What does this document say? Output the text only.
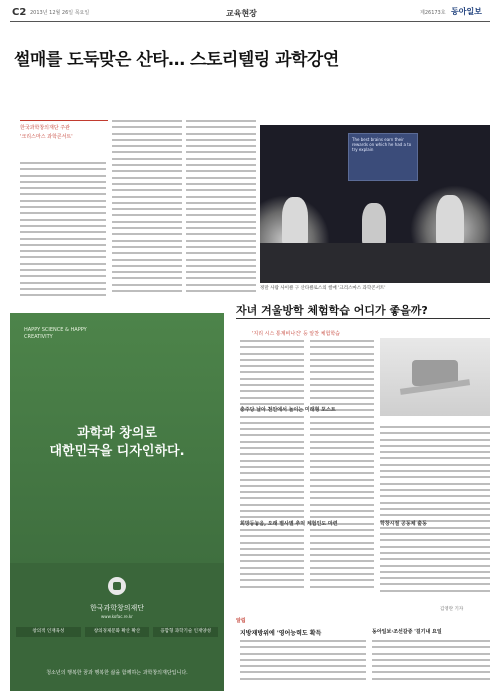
C2 2013년 12월 26일 목요일	교육현장	제26173호 동아일보
썰매를 도둑맞은 산타… 스토리텔링 과학강연
한국과학창의재단 주관
'크리스마스 과학콘서트'	The best brains earn their rewards on which he had a to try explain
정말 사람 사이클 구 산타클로스의 썰매 '크리스마스 과학콘서트'
HAPPY SCIENCE & HAPPY CREATIVITY
과학과 창의로
대한민국을 디자인하다.
한국과학창의재단
www.kofac.re.kr
창의적 인재육성	창의경제문화 확산 확산	융합형 과학기술 인재양성
청소년의 행복한 꿈과 행복한 삶을 함께하는 과학창의재단입니다.
자녀 겨울방학 체험학습 어디가 좋을까?
'지리 시스 통계비나건' 등 알찬 체험학습
충주당 날아 천안에서 놀이는 미래형 포스트
희망등놓음, 오래 별사별 추억 체험인도 마련	학창시절 공동체 출동
김영란 기자
알림
지방재방위에 '영어능력도 확득	동아일보·조선갈증 '걸기내 요일
